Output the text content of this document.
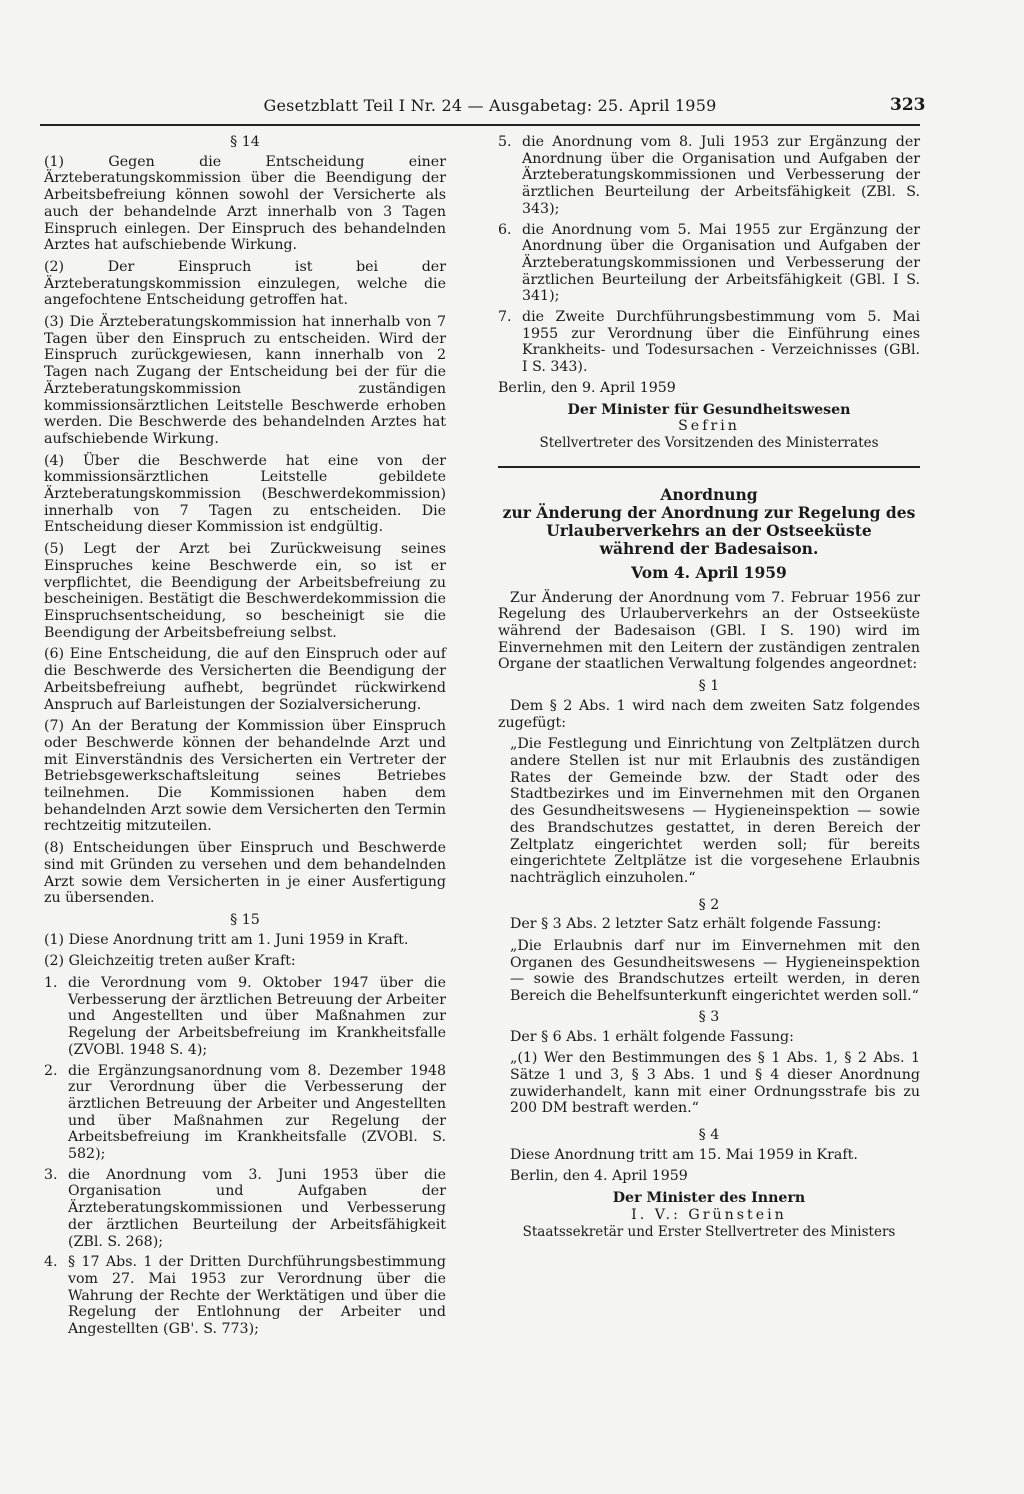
Gesetzblatt Teil I Nr. 24 — Ausgabetag: 25. April 1959	323
§ 14

(1) Gegen die Entscheidung einer Ärzteberatungskommission über die Beendigung der Arbeitsbefreiung können sowohl der Versicherte als auch der behandelnde Arzt innerhalb von 3 Tagen Einspruch einlegen. Der Einspruch des behandelnden Arztes hat aufschiebende Wirkung.

(2) Der Einspruch ist bei der Ärzteberatungskommission einzulegen, welche die angefochtene Entscheidung getroffen hat.

(3) Die Ärzteberatungskommission hat innerhalb von 7 Tagen über den Einspruch zu entscheiden. Wird der Einspruch zurückgewiesen, kann innerhalb von 2 Tagen nach Zugang der Entscheidung bei der für die Ärzteberatungskommission zuständigen kommissionsärztlichen Leitstelle Beschwerde erhoben werden. Die Beschwerde des behandelnden Arztes hat aufschiebende Wirkung.

(4) Über die Beschwerde hat eine von der kommissionsärztlichen Leitstelle gebildete Ärzteberatungskommission (Beschwerdekommission) innerhalb von 7 Tagen zu entscheiden. Die Entscheidung dieser Kommission ist endgültig.

(5) Legt der Arzt bei Zurückweisung seines Einspruches keine Beschwerde ein, so ist er verpflichtet, die Beendigung der Arbeitsbefreiung zu bescheinigen. Bestätigt die Beschwerdekommission die Einspruchsentscheidung, so bescheinigt sie die Beendigung der Arbeitsbefreiung selbst.

(6) Eine Entscheidung, die auf den Einspruch oder auf die Beschwerde des Versicherten die Beendigung der Arbeitsbefreiung aufhebt, begründet rückwirkend Anspruch auf Barleistungen der Sozialversicherung.

(7) An der Beratung der Kommission über Einspruch oder Beschwerde können der behandelnde Arzt und mit Einverständnis des Versicherten ein Vertreter der Betriebsgewerkschaftsleitung seines Betriebes teilnehmen. Die Kommissionen haben dem behandelnden Arzt sowie dem Versicherten den Termin rechtzeitig mitzuteilen.

(8) Entscheidungen über Einspruch und Beschwerde sind mit Gründen zu versehen und dem behandelnden Arzt sowie dem Versicherten in je einer Ausfertigung zu übersenden.

§ 15

(1) Diese Anordnung tritt am 1. Juni 1959 in Kraft.

(2) Gleichzeitig treten außer Kraft:

1. die Verordnung vom 9. Oktober 1947 über die Verbesserung der ärztlichen Betreuung der Arbeiter und Angestellten und über Maßnahmen zur Regelung der Arbeitsbefreiung im Krankheitsfalle (ZVOBl. 1948 S. 4);
2. die Ergänzungsanordnung vom 8. Dezember 1948 zur Verordnung über die Verbesserung der ärztlichen Betreuung der Arbeiter und Angestellten und über Maßnahmen zur Regelung der Arbeitsbefreiung im Krankheitsfalle (ZVOBl. S. 582);
3. die Anordnung vom 3. Juni 1953 über die Organisation und Aufgaben der Ärzteberatungskommissionen und Verbesserung der ärztlichen Beurteilung der Arbeitsfähigkeit (ZBl. S. 268);
4. § 17 Abs. 1 der Dritten Durchführungsbestimmung vom 27. Mai 1953 zur Verordnung über die Wahrung der Rechte der Werktätigen und über die Regelung der Entlohnung der Arbeiter und Angestellten (GB'. S. 773);
5. die Anordnung vom 8. Juli 1953 zur Ergänzung der Anordnung über die Organisation und Aufgaben der Ärzteberatungskommissionen und Verbesserung der ärztlichen Beurteilung der Arbeitsfähigkeit (ZBl. S. 343);
6. die Anordnung vom 5. Mai 1955 zur Ergänzung der Anordnung über die Organisation und Aufgaben der Ärzteberatungskommissionen und Verbesserung der ärztlichen Beurteilung der Arbeitsfähigkeit (GBl. I S. 341);
7. die Zweite Durchführungsbestimmung vom 5. Mai 1955 zur Verordnung über die Einführung eines Krankheits- und Todesursachen - Verzeichnisses (GBl. I S. 343).

Berlin, den 9. April 1959

Der Minister für Gesundheitswesen
Sefrin
Stellvertreter des Vorsitzenden des Ministerrates
Anordnung
zur Änderung der Anordnung zur Regelung des
Urlauberverkehrs an der Ostseeküste
während der Badesaison.
Vom 4. April 1959

Zur Änderung der Anordnung vom 7. Februar 1956 zur Regelung des Urlauberverkehrs an der Ostseeküste während der Badesaison (GBl. I S. 190) wird im Einvernehmen mit den Leitern der zuständigen zentralen Organe der staatlichen Verwaltung folgendes angeordnet:

§ 1

Dem § 2 Abs. 1 wird nach dem zweiten Satz folgendes zugefügt:

„Die Festlegung und Einrichtung von Zeltplätzen durch andere Stellen ist nur mit Erlaubnis des zuständigen Rates der Gemeinde bzw. der Stadt oder des Stadtbezirkes und im Einvernehmen mit den Organen des Gesundheitswesens — Hygieneinspektion — sowie des Brandschutzes gestattet, in deren Bereich der Zeltplatz eingerichtet werden soll; für bereits eingerichtete Zeltplätze ist die vorgesehene Erlaubnis nachträglich einzuholen.“

§ 2

Der § 3 Abs. 2 letzter Satz erhält folgende Fassung:

„Die Erlaubnis darf nur im Einvernehmen mit den Organen des Gesundheitswesens — Hygieneinspektion — sowie des Brandschutzes erteilt werden, in deren Bereich die Behelfsunterkunft eingerichtet werden soll.“

§ 3

Der § 6 Abs. 1 erhält folgende Fassung:

„(1) Wer den Bestimmungen des § 1 Abs. 1, § 2 Abs. 1 Sätze 1 und 3, § 3 Abs. 1 und § 4 dieser Anordnung zuwiderhandelt, kann mit einer Ordnungsstrafe bis zu 200 DM bestraft werden.“

§ 4

Diese Anordnung tritt am 15. Mai 1959 in Kraft.

Berlin, den 4. April 1959

Der Minister des Innern
I. V.: Grünstein
Staatssekretär und Erster Stellvertreter des Ministers
